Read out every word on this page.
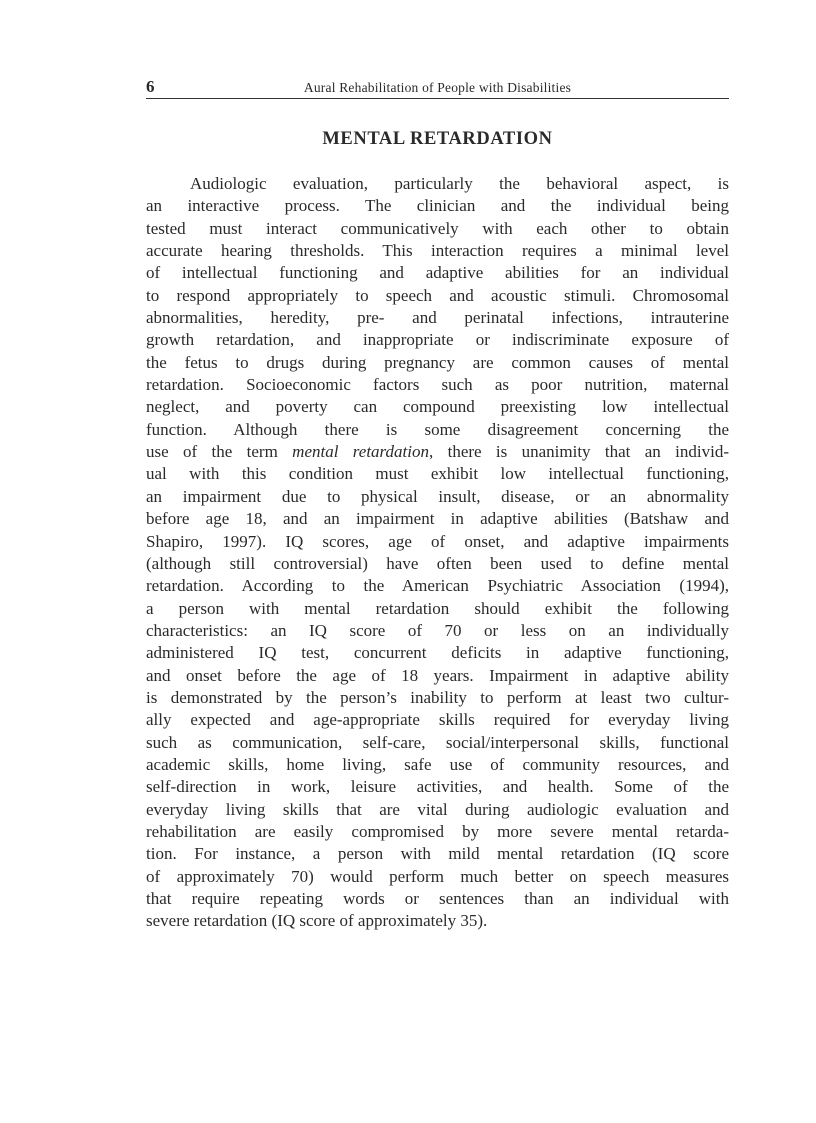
6	Aural Rehabilitation of People with Disabilities
MENTAL RETARDATION
Audiologic evaluation, particularly the behavioral aspect, is
an interactive process. The clinician and the individual being
tested must interact communicatively with each other to obtain
accurate hearing thresholds. This interaction requires a minimal level
of intellectual functioning and adaptive abilities for an individual
to respond appropriately to speech and acoustic stimuli. Chromosomal
abnormalities, heredity, pre- and perinatal infections, intrauterine
growth retardation, and inappropriate or indiscriminate exposure of
the fetus to drugs during pregnancy are common causes of mental
retardation. Socioeconomic factors such as poor nutrition, maternal
neglect, and poverty can compound preexisting low intellectual
function. Although there is some disagreement concerning the
use of the term mental retardation, there is unanimity that an individ-
ual with this condition must exhibit low intellectual functioning,
an impairment due to physical insult, disease, or an abnormality
before age 18, and an impairment in adaptive abilities (Batshaw and
Shapiro, 1997). IQ scores, age of onset, and adaptive impairments
(although still controversial) have often been used to define mental
retardation. According to the American Psychiatric Association (1994),
a person with mental retardation should exhibit the following
characteristics: an IQ score of 70 or less on an individually
administered IQ test, concurrent deficits in adaptive functioning,
and onset before the age of 18 years. Impairment in adaptive ability
is demonstrated by the person’s inability to perform at least two cultur-
ally expected and age-appropriate skills required for everyday living
such as communication, self-care, social/interpersonal skills, functional
academic skills, home living, safe use of community resources, and
self-direction in work, leisure activities, and health. Some of the
everyday living skills that are vital during audiologic evaluation and
rehabilitation are easily compromised by more severe mental retarda-
tion. For instance, a person with mild mental retardation (IQ score
of approximately 70) would perform much better on speech measures
that require repeating words or sentences than an individual with
severe retardation (IQ score of approximately 35).
